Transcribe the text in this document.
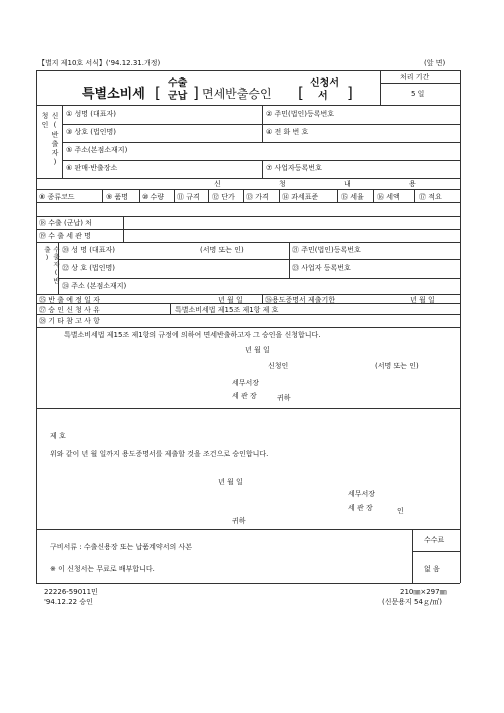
【별지 제10호 서식】('94.12.31.개정)	(앞 면)
특별소비세 [
수출
군납 ] 면세반출승인 [
신청서
서 ]
처리 기간
5 일
신(반출자)청인	① 성명 (대표자)	② 주민(법인)등록번호
③ 상호 (법인명)	④ 전 화 번 호
⑤ 주소(본점소재지)
⑥ 판매·반출장소	⑦ 사업자등록번호
신 청 내 용
⑧ 종류코드	⑨ 품명 ⑩ 수량 ⑪ 규격 ⑫ 단가 ⑬ 가격 ⑭ 과세표준	⑮ 세율 ⑯ 세액	⑰ 적요
⑱ 수출 (군납) 처
⑲ 수 출 세 관 명
수출자(반출)	⑳ 성 명 (대표자)	(서명 또는 인)	㉑ 주민(법인)등록번호
㉒ 상 호 (법인명)	㉓ 사업자 등록번호
㉔ 주소 (본점소재지)
㉕ 반 출 예 정 일 자	년 월 일	㉖용도증명서 제출기한	년 월 일
㉗ 승 인 신 청 사 유	특별소비세법 제15조 제1항 제 호
㉘ 기 타 참 고 사 항
특별소비세법 제15조 제1항의 규정에 의하여 면세반출하고자 그 승인을 신청합니다.
년 월 일
신청인	(서명 또는 인)
세무서장
세 관 장	귀하
제 호
위와 같이 년 월 일까지 용도증명서를 제출할 것을 조건으로 승인합니다.
년 월 일
세무서장
세 관 장	인
귀하
구비서류 : 수출신용장 또는 납품계약서의 사본
※ 이 신청서는 무료로 배부합니다.
수수료
없 음
22226-59011민
'94.12.22 승인
210㎜×297㎜
(신문용지 54ｇ/㎡)
